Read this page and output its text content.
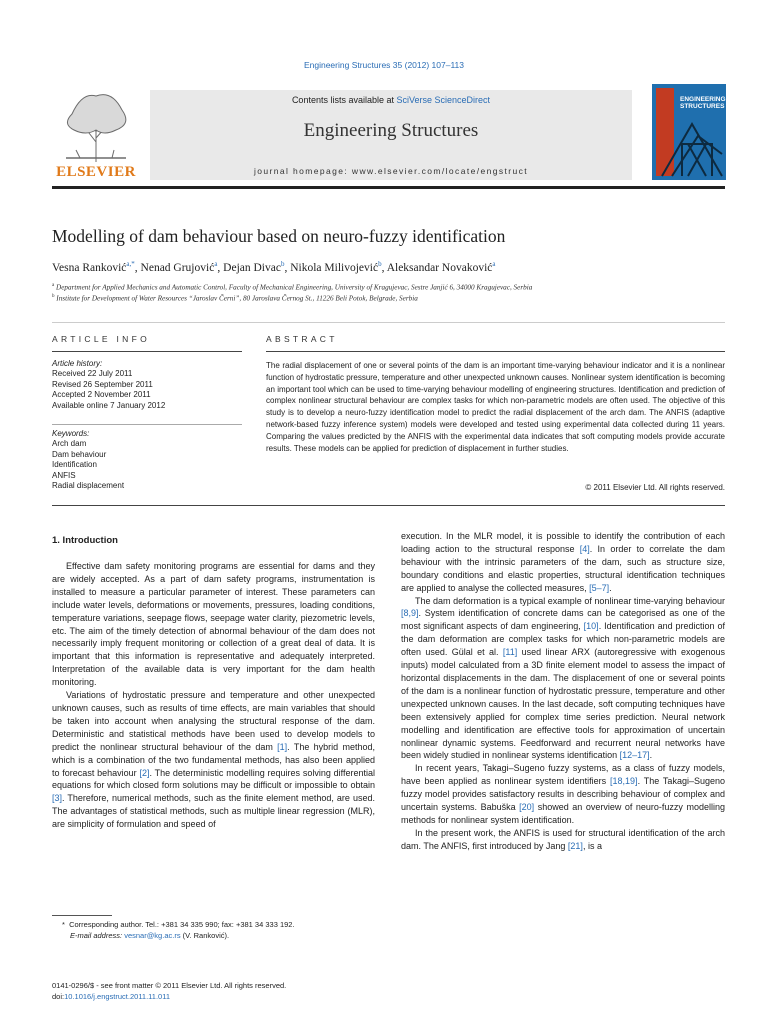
Engineering Structures 35 (2012) 107–113
ELSEVIER
Contents lists available at SciVerse ScienceDirect
Engineering Structures
journal homepage: www.elsevier.com/locate/engstruct
ENGINEERING
STRUCTURES
Modelling of dam behaviour based on neuro-fuzzy identification
Vesna Ranković$^{a,*}$, Nenad Grujović$^a$, Dejan Divac$^b$, Nikola Milivojević$^b$, Aleksandar Novaković$^a$
$^a$ Department for Applied Mechanics and Automatic Control, Faculty of Mechanical Engineering, University of Kragujevac, Sestre Janjić 6, 34000 Kragujevac, Serbia
$^b$ Institute for Development of Water Resources “Jaroslav Černi”, 80 Jaroslava Černog St., 11226 Beli Potok, Belgrade, Serbia
ARTICLE INFO	ABSTRACT
Article history:
Received 22 July 2011
Revised 26 September 2011
Accepted 2 November 2011
Available online 7 January 2012
Keywords:
Arch dam
Dam behaviour
Identification
ANFIS
Radial displacement
The radial displacement of one or several points of the dam is an important time-varying behaviour indicator and it is a nonlinear function of hydrostatic pressure, temperature and other unexpected unknown causes. Nonlinear system identification is becoming an important tool which can be used to time-varying behaviour modelling of engineering structures. Identification and prediction of complex nonlinear structural behaviour are complex tasks for which non-parametric models are often used. The objective of this study is to develop a neuro-fuzzy identification model to predict the radial displacement of the arch dam. The ANFIS (adaptive network-based fuzzy inference system) models were developed and tested using experimental data collected during 11 years. Comparing the values predicted by the ANFIS with the experimental data indicates that soft computing models provide accurate results. These models can be applied for prediction of displacement in further studies.
© 2011 Elsevier Ltd. All rights reserved.
1. Introduction

Effective dam safety monitoring programs are essential for dams and they are widely accepted. As a part of dam safety programs, instrumentation is installed to measure a particular parameter of interest. These parameters can include water levels, deformations or movements, pressures, loading conditions, temperature variations, seepage flows, seepage water clarity, piezometric levels, etc. The aim of the timely detection of abnormal behaviour of the dam does not necessarily imply frequent monitoring or collection of a great deal of data. It is important that this information is representative and adequately interpreted. Interpretation of the available data is very important for the dam health monitoring.

Variations of hydrostatic pressure and temperature and other unexpected unknown causes, such as results of time effects, are main variables that should be taken into account when analysing the structural response of the dam. Deterministic and statistical methods have been used to develop models to predict the nonlinear structural behaviour of the dam [1]. The hybrid method, which is a combination of the two fundamental methods, has also been applied to forecast behaviour [2]. The deterministic modelling requires solving differential equations for which closed form solutions may be difficult or impossible to obtain [3]. Therefore, numerical methods, such as the finite element method, are used. The advantages of statistical methods, such as multiple linear regression (MLR), are simplicity of formulation and speed of

execution. In the MLR model, it is possible to identify the contribution of each loading action to the structural response [4]. In order to correlate the dam behaviour with the intrinsic parameters of the dam, such as structure size, boundary conditions and elastic properties, structural identification techniques are applied to analyse the collected measures, [5–7].

The dam deformation is a typical example of nonlinear time-varying behaviour [8,9]. System identification of concrete dams can be categorised as one of the most significant aspects of dam engineering, [10]. Identification and prediction of the dam deformation are complex tasks for which non-parametric models are often used. Gülal et al. [11] used linear ARX (autoregressive with exogenous inputs) model calculated from a 3D finite element model to assess the impact of horizontal displacements in the dam. The displacement of one or several points of the dam is a nonlinear function of hydrostatic pressure, temperature and other unexpected unknown causes. In the last decade, soft computing techniques have been extensively applied for complex time series prediction. Neural network modelling and identification are effective tools for approximation of uncertain nonlinear dynamic systems. Feedforward and recurrent neural networks have been widely studied in nonlinear systems identification [12–17].

In recent years, Takagi–Sugeno fuzzy systems, as a class of fuzzy models, have been applied as nonlinear system identifiers [18,19]. The Takagi–Sugeno fuzzy model provides satisfactory results in describing behaviour of complex and uncertain systems. Babuška [20] showed an overview of neuro-fuzzy modelling methods for nonlinear system identification.

In the present work, the ANFIS is used for structural identification of the arch dam. The ANFIS, first introduced by Jang [21], is a

* Corresponding author. Tel.: +381 34 335 990; fax: +381 34 333 192.
E-mail address: vesnar@kg.ac.rs (V. Ranković).
0141-0296/$ - see front matter © 2011 Elsevier Ltd. All rights reserved.
doi:10.1016/j.engstruct.2011.11.011
